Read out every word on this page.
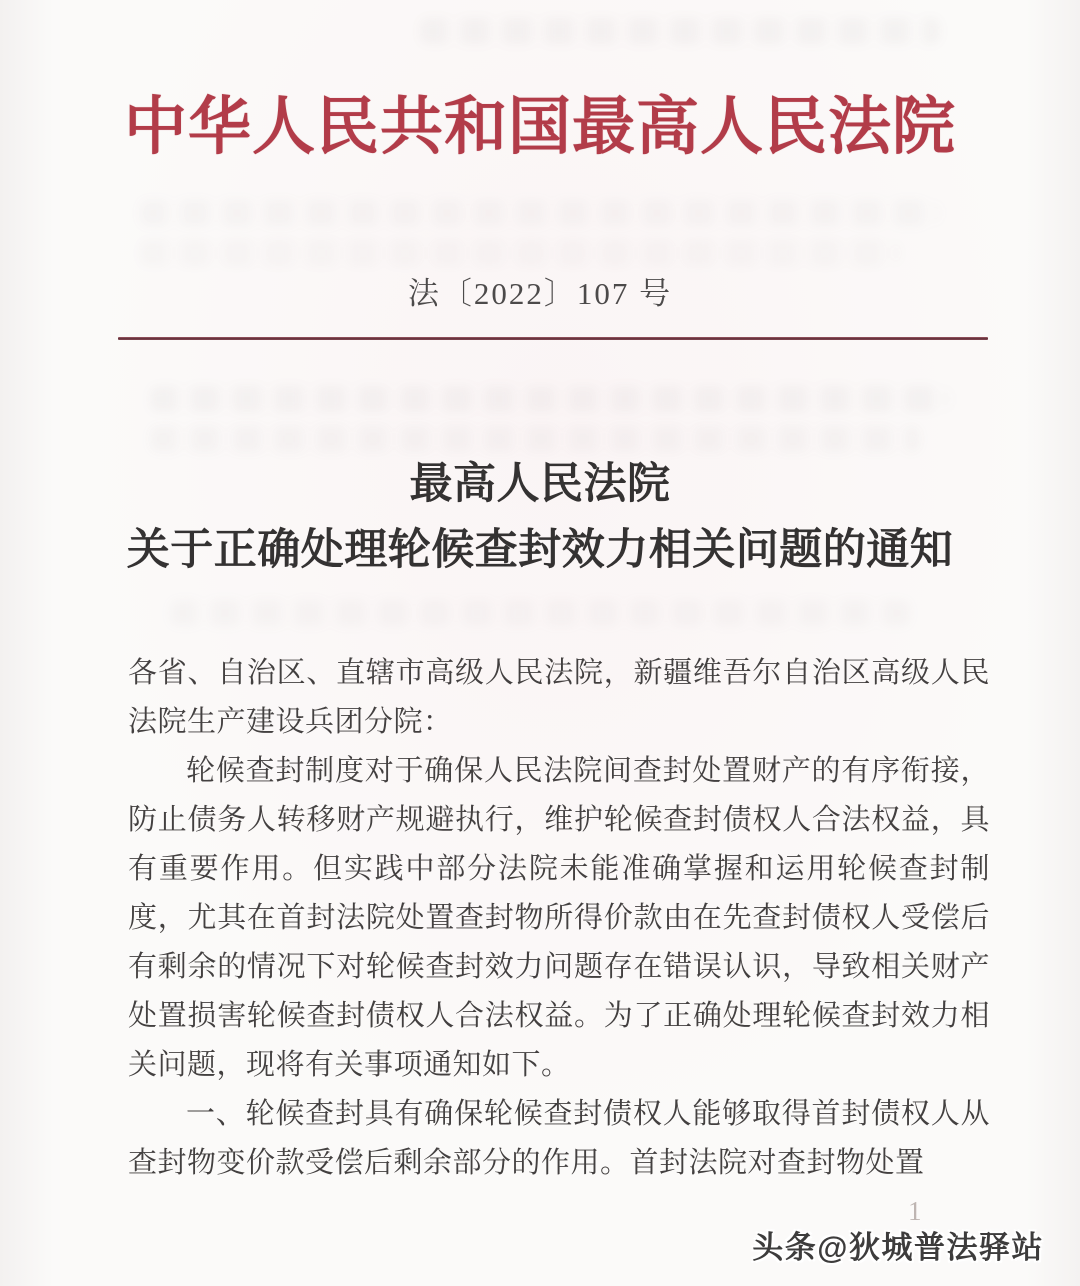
中华人民共和国最高人民法院
法〔2022〕107 号
最高人民法院
关于正确处理轮候查封效力相关问题的通知

各省、自治区、直辖市高级人民法院，新疆维吾尔自治区高级人民法院生产建设兵团分院：

轮候查封制度对于确保人民法院间查封处置财产的有序衔接，防止债务人转移财产规避执行，维护轮候查封债权人合法权益，具有重要作用。但实践中部分法院未能准确掌握和运用轮候查封制度，尤其在首封法院处置查封物所得价款由在先查封债权人受偿后有剩余的情况下对轮候查封效力问题存在错误认识，导致相关财产处置损害轮候查封债权人合法权益。为了正确处理轮候查封效力相关问题，现将有关事项通知如下。

一、轮候查封具有确保轮候查封债权人能够取得首封债权人从查封物变价款受偿后剩余部分的作用。首封法院对查封物处置

1
头条@狄城普法驿站
